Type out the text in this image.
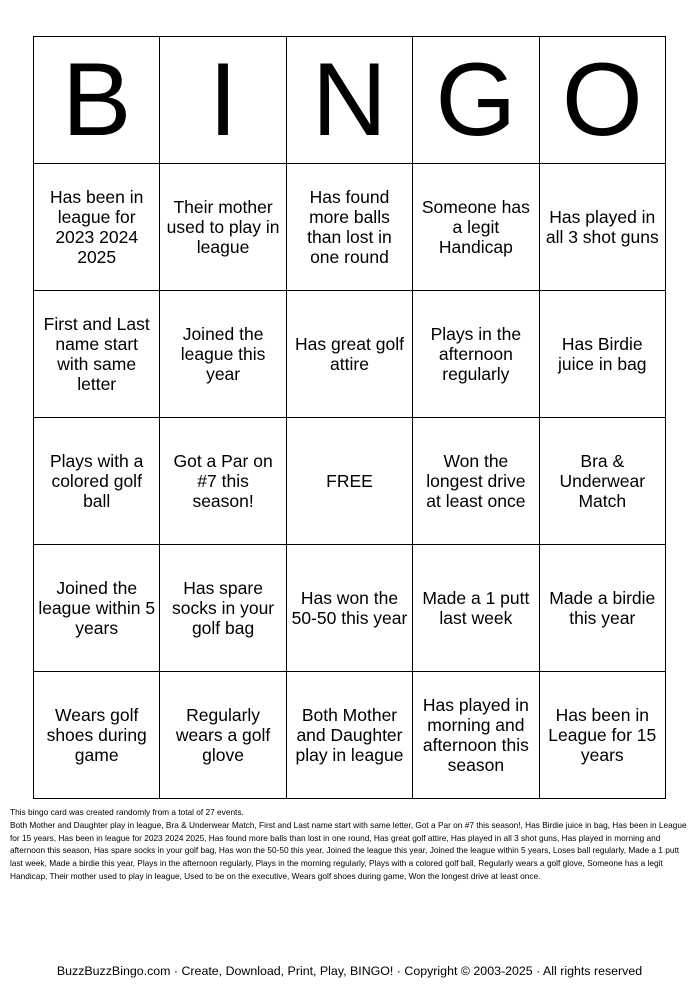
B	I	N	G	O
Has been in league for 2023 2024 2025	Their mother used to play in league	Has found more balls than lost in one round	Someone has a legit Handicap	Has played in all 3 shot guns
First and Last name start with same letter	Joined the league this year	Has great golf attire	Plays in the afternoon regularly	Has Birdie juice in bag
Plays with a colored golf ball	Got a Par on #7 this season!	FREE	Won the longest drive at least once	Bra & Underwear Match
Joined the league within 5 years	Has spare socks in your golf bag	Has won the 50-50 this year	Made a 1 putt last week	Made a birdie this year
Wears golf shoes during game	Regularly wears a golf glove	Both Mother and Daughter play in league	Has played in morning and afternoon this season	Has been in League for 15 years

This bingo card was created randomly from a total of 27 events.

Both Mother and Daughter play in league, Bra & Underwear Match, First and Last name start with same letter, Got a Par on #7 this season!, Has Birdie juice in bag, Has been in League for 15 years, Has been in league for 2023 2024 2025, Has found more balls than lost in one round, Has great golf attire, Has played in all 3 shot guns, Has played in morning and afternoon this season, Has spare socks in your golf bag, Has won the 50-50 this year, Joined the league this year, Joined the league within 5 years, Loses ball regularly, Made a 1 putt last week, Made a birdie this year, Plays in the afternoon regularly, Plays in the morning regularly, Plays with a colored golf ball, Regularly wears a golf glove, Someone has a legit Handicap, Their mother used to play in league, Used to be on the executive, Wears golf shoes during game, Won the longest drive at least once.

BuzzBuzzBingo.com · Create, Download, Print, Play, BINGO! · Copyright © 2003-2025 · All rights reserved
